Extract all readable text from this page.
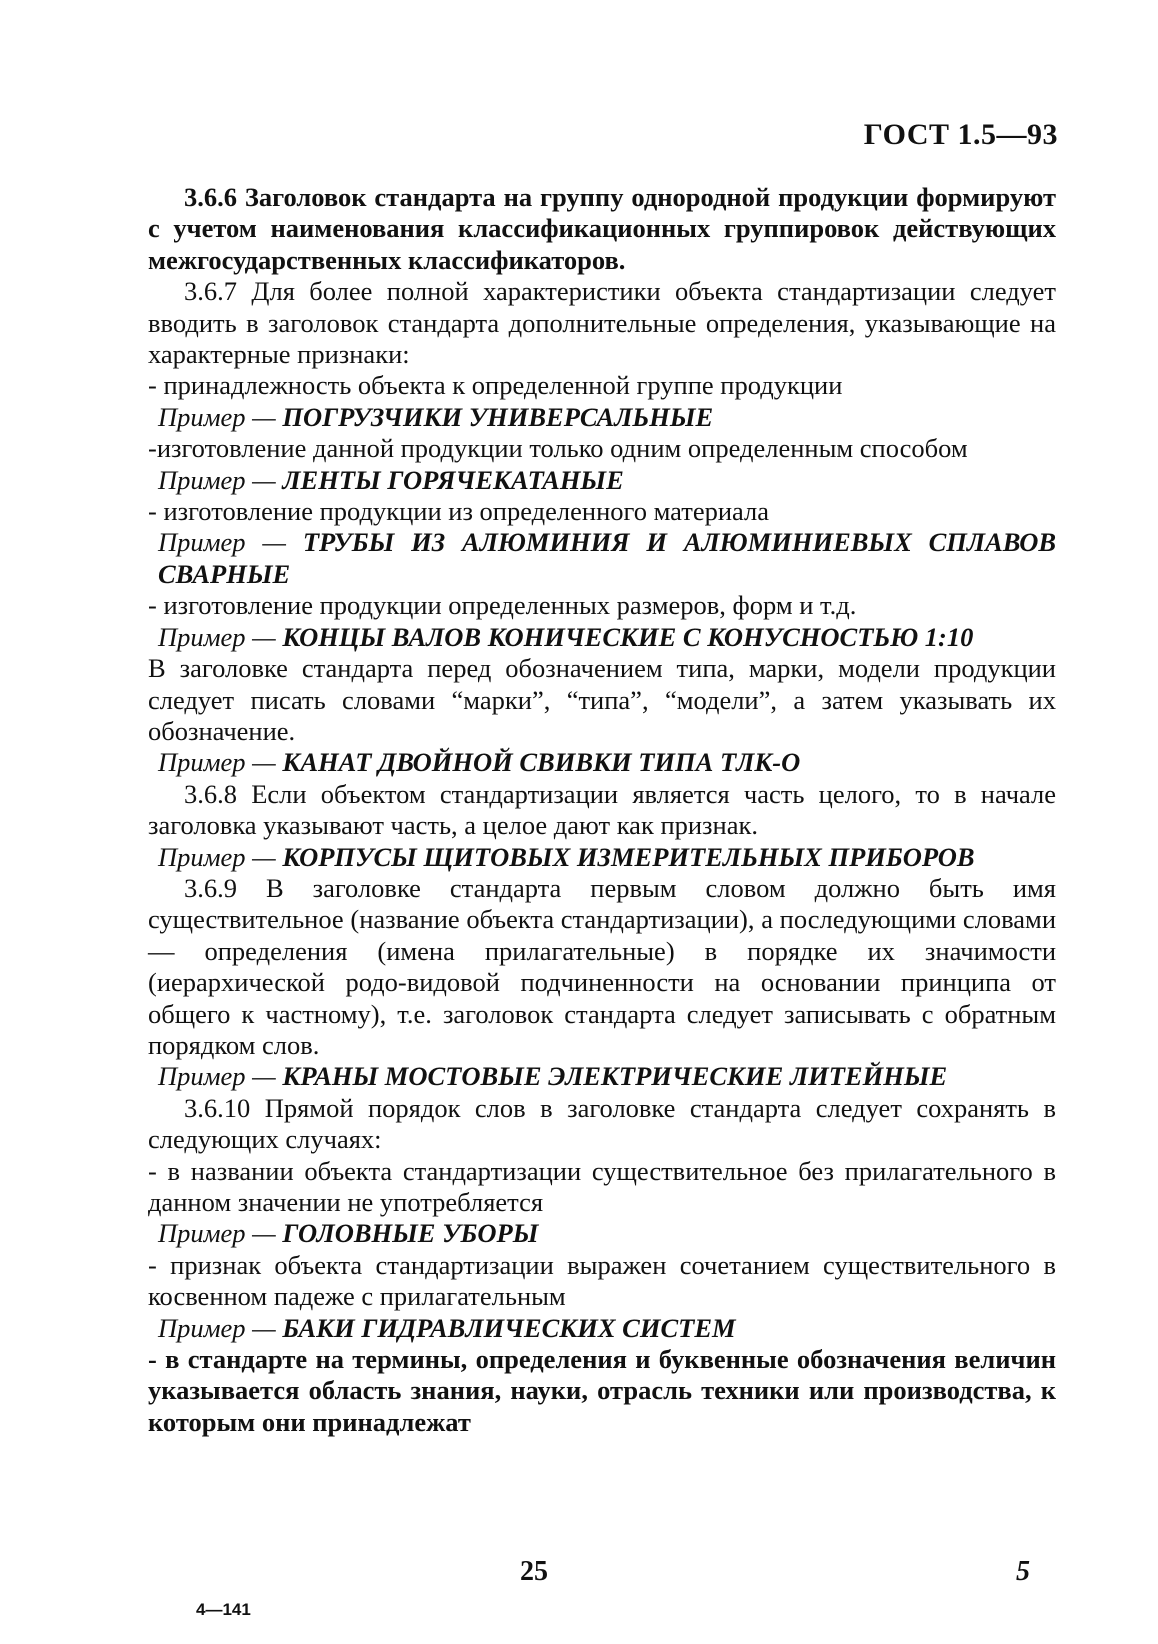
ГОСТ 1.5—93
3.6.6 Заголовок стандарта на группу однородной продукции формируют с учетом наименования классификационных группировок действующих межгосударственных классификаторов.
3.6.7 Для более полной характеристики объекта стандартизации следует вводить в заголовок стандарта дополнительные определения, указывающие на характерные признаки:
- принадлежность объекта к определенной группе продукции
Пример — ПОГРУЗЧИКИ УНИВЕРСАЛЬНЫЕ
-изготовление данной продукции только одним определенным способом
Пример — ЛЕНТЫ ГОРЯЧЕКАТАНЫЕ
- изготовление продукции из определенного материала
Пример — ТРУБЫ ИЗ АЛЮМИНИЯ И АЛЮМИНИЕВЫХ СПЛАВОВ СВАРНЫЕ
- изготовление продукции определенных размеров, форм и т.д.
Пример — КОНЦЫ ВАЛОВ КОНИЧЕСКИЕ С КОНУСНОСТЬЮ 1:10
В заголовке стандарта перед обозначением типа, марки, модели продукции следует писать словами “марки”, “типа”, “модели”, а затем указывать их обозначение.
Пример — КАНАТ ДВОЙНОЙ СВИВКИ ТИПА ТЛК-О
3.6.8 Если объектом стандартизации является часть целого, то в начале заголовка указывают часть, а целое дают как признак.
Пример — КОРПУСЫ ЩИТОВЫХ ИЗМЕРИТЕЛЬНЫХ ПРИБОРОВ
3.6.9 В заголовке стандарта первым словом должно быть имя существительное (название объекта стандартизации), а последующими словами — определения (имена прилагательные) в порядке их значимости (иерархической родо-видовой подчиненности на основании принципа от общего к частному), т.е. заголовок стандарта следует записывать с обратным порядком слов.
Пример — КРАНЫ МОСТОВЫЕ ЭЛЕКТРИЧЕСКИЕ ЛИТЕЙНЫЕ
3.6.10 Прямой порядок слов в заголовке стандарта следует сохранять в следующих случаях:
- в названии объекта стандартизации существительное без прилагательного в данном значении не употребляется
Пример — ГОЛОВНЫЕ УБОРЫ
- признак объекта стандартизации выражен сочетанием существительного в косвенном падеже с прилагательным
Пример — БАКИ ГИДРАВЛИЧЕСКИХ СИСТЕМ
- в стандарте на термины, определения и буквенные обозначения величин указывается область знания, науки, отрасль техники или производства, к которым они принадлежат
25	5
4—141
